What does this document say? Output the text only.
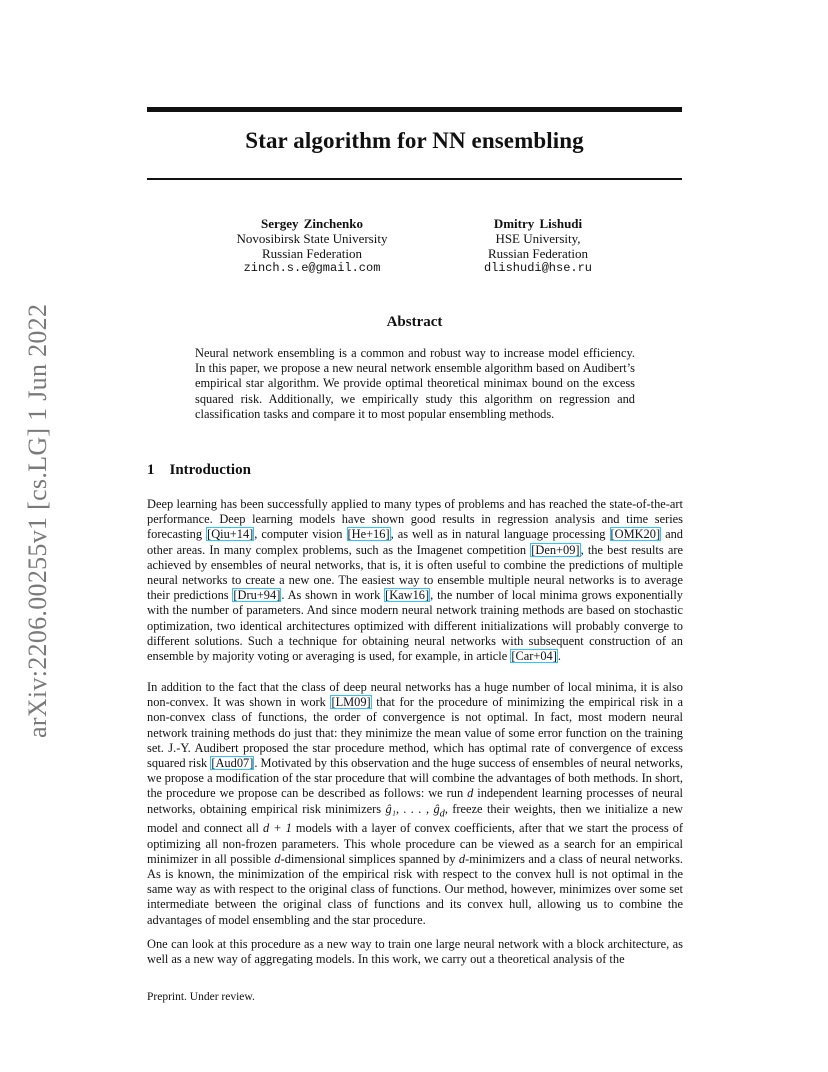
Star algorithm for NN ensembling
Sergey Zinchenko
Novosibirsk State University
Russian Federation
zinch.s.e@gmail.com
Dmitry Lishudi
HSE University,
Russian Federation
dlishudi@hse.ru
arXiv:2206.00255v1 [cs.LG] 1 Jun 2022	Abstract
Neural network ensembling is a common and robust way to increase model efficiency. In this paper, we propose a new neural network ensemble algorithm based on Audibert’s empirical star algorithm. We provide optimal theoretical minimax bound on the excess squared risk. Additionally, we empirically study this algorithm on regression and classification tasks and compare it to most popular ensembling methods.
1 Introduction
Deep learning has been successfully applied to many types of problems and has reached the state-of-the-art performance. Deep learning models have shown good results in regression analysis and time series forecasting [Qiu+14], computer vision [He+16], as well as in natural language processing [OMK20] and other areas. In many complex problems, such as the Imagenet competition [Den+09], the best results are achieved by ensembles of neural networks, that is, it is often useful to combine the predictions of multiple neural networks to create a new one. The easiest way to ensemble multiple neural networks is to average their predictions [Dru+94]. As shown in work [Kaw16], the number of local minima grows exponentially with the number of parameters. And since modern neural network training methods are based on stochastic optimization, two identical architectures optimized with different initializations will probably converge to different solutions. Such a technique for obtaining neural networks with subsequent construction of an ensemble by majority voting or averaging is used, for example, in article [Car+04].
In addition to the fact that the class of deep neural networks has a huge number of local minima, it is also non-convex. It was shown in work [LM09] that for the procedure of minimizing the empirical risk in a non-convex class of functions, the order of convergence is not optimal. In fact, most modern neural network training methods do just that: they minimize the mean value of some error function on the training set. J.-Y. Audibert proposed the star procedure method, which has optimal rate of convergence of excess squared risk [Aud07]. Motivated by this observation and the huge success of ensembles of neural networks, we propose a modification of the star procedure that will combine the advantages of both methods. In short, the procedure we propose can be described as follows: we run d independent learning processes of neural networks, obtaining empirical risk minimizers ĝ₁, . . . , $ĝ_d$, freeze their weights, then we initialize a new model and connect all d + 1 models with a layer of convex coefficients, after that we start the process of optimizing all non-frozen parameters. This whole procedure can be viewed as a search for an empirical minimizer in all possible d-dimensional simplices spanned by d-minimizers and a class of neural networks. As is known, the minimization of the empirical risk with respect to the convex hull is not optimal in the same way as with respect to the original class of functions. Our method, however, minimizes over some set intermediate between the original class of functions and its convex hull, allowing us to combine the advantages of model ensembling and the star procedure.
One can look at this procedure as a new way to train one large neural network with a block architecture, as well as a new way of aggregating models. In this work, we carry out a theoretical analysis of the
Preprint. Under review.
